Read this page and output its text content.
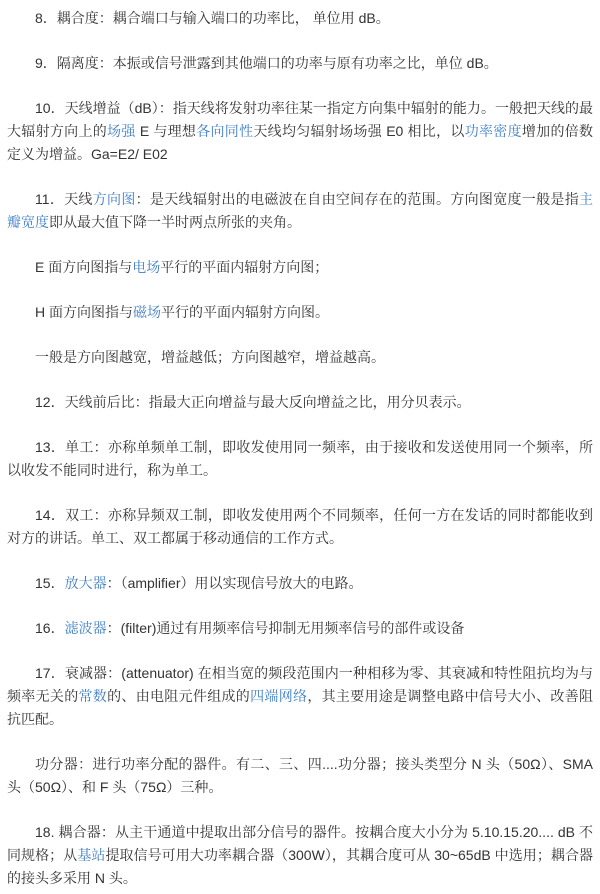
8．耦合度：耦合端口与输入端口的功率比， 单位用 dB。

9．隔离度：本振或信号泄露到其他端口的功率与原有功率之比，单位 dB。

10．天线增益（dB）：指天线将发射功率往某一指定方向集中辐射的能力。一般把天线的最大辐射方向上的场强 E 与理想各向同性天线均匀辐射场场强 E0 相比，以功率密度增加的倍数定义为增益。Ga=E2/ E02

11．天线方向图：是天线辐射出的电磁波在自由空间存在的范围。方向图宽度一般是指主瓣宽度即从最大值下降一半时两点所张的夹角。

E 面方向图指与电场平行的平面内辐射方向图；

H 面方向图指与磁场平行的平面内辐射方向图。

一般是方向图越宽，增益越低；方向图越窄，增益越高。

12．天线前后比：指最大正向增益与最大反向增益之比，用分贝表示。

13．单工：亦称单频单工制，即收发使用同一频率，由于接收和发送使用同一个频率，所以收发不能同时进行，称为单工。

14．双工：亦称异频双工制，即收发使用两个不同频率，任何一方在发话的同时都能收到对方的讲话。单工、双工都属于移动通信的工作方式。

15．放大器：（amplifier）用以实现信号放大的电路。

16．滤波器：(filter)通过有用频率信号抑制无用频率信号的部件或设备

17．衰减器：(attenuator) 在相当宽的频段范围内一种相移为零、其衰减和特性阻抗均为与频率无关的常数的、由电阻元件组成的四端网络，其主要用途是调整电路中信号大小、改善阻抗匹配。

功分器：进行功率分配的器件。有二、三、四....功分器；接头类型分 N 头（50Ω）、SMA 头（50Ω）、和 F 头（75Ω）三种。

18. 耦合器：从主干通道中提取出部分信号的器件。按耦合度大小分为 5.10.15.20.... dB 不同规格；从基站提取信号可用大功率耦合器（300W），其耦合度可从 30~65dB 中选用；耦合器的接头多采用 N 头。
